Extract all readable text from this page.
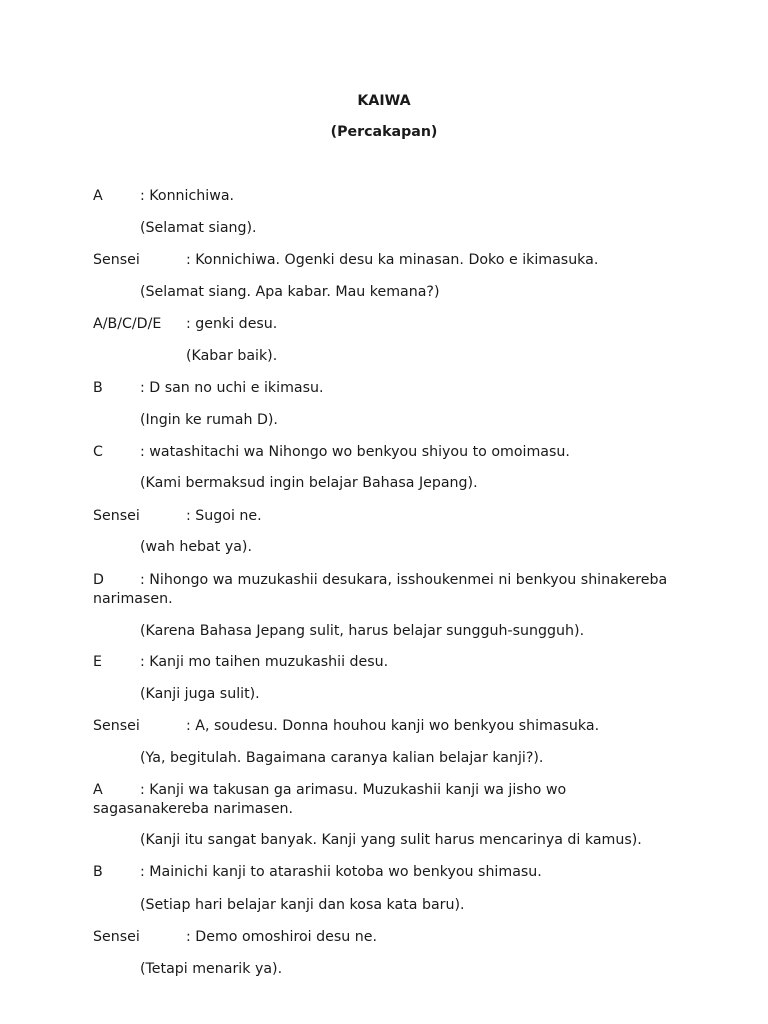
KAIWA

(Percakapan)

A	: Konnichiwa.
(Selamat siang).
Sensei	: Konnichiwa. Ogenki desu ka minasan. Doko e ikimasuka.
(Selamat siang. Apa kabar. Mau kemana?)
A/B/C/D/E : genki desu.
(Kabar baik).
B	: D san no uchi e ikimasu.
(Ingin ke rumah D).
C	: watashitachi wa Nihongo wo benkyou shiyou to omoimasu.
(Kami bermaksud ingin belajar Bahasa Jepang).
Sensei	: Sugoi ne.
(wah hebat ya).
D	: Nihongo wa muzukashii desukara, isshoukenmei ni benkyou shinakereba
narimasen.
(Karena Bahasa Jepang sulit, harus belajar sungguh-sungguh).
E	: Kanji mo taihen muzukashii desu.
(Kanji juga sulit).
Sensei	: A, soudesu. Donna houhou kanji wo benkyou shimasuka.
(Ya, begitulah. Bagaimana caranya kalian belajar kanji?).
A	: Kanji wa takusan ga arimasu. Muzukashii kanji wa jisho wo
sagasanakereba narimasen.
(Kanji itu sangat banyak. Kanji yang sulit harus mencarinya di kamus).
B	: Mainichi kanji to atarashii kotoba wo benkyou shimasu.
(Setiap hari belajar kanji dan kosa kata baru).
Sensei	: Demo omoshiroi desu ne.
(Tetapi menarik ya).
